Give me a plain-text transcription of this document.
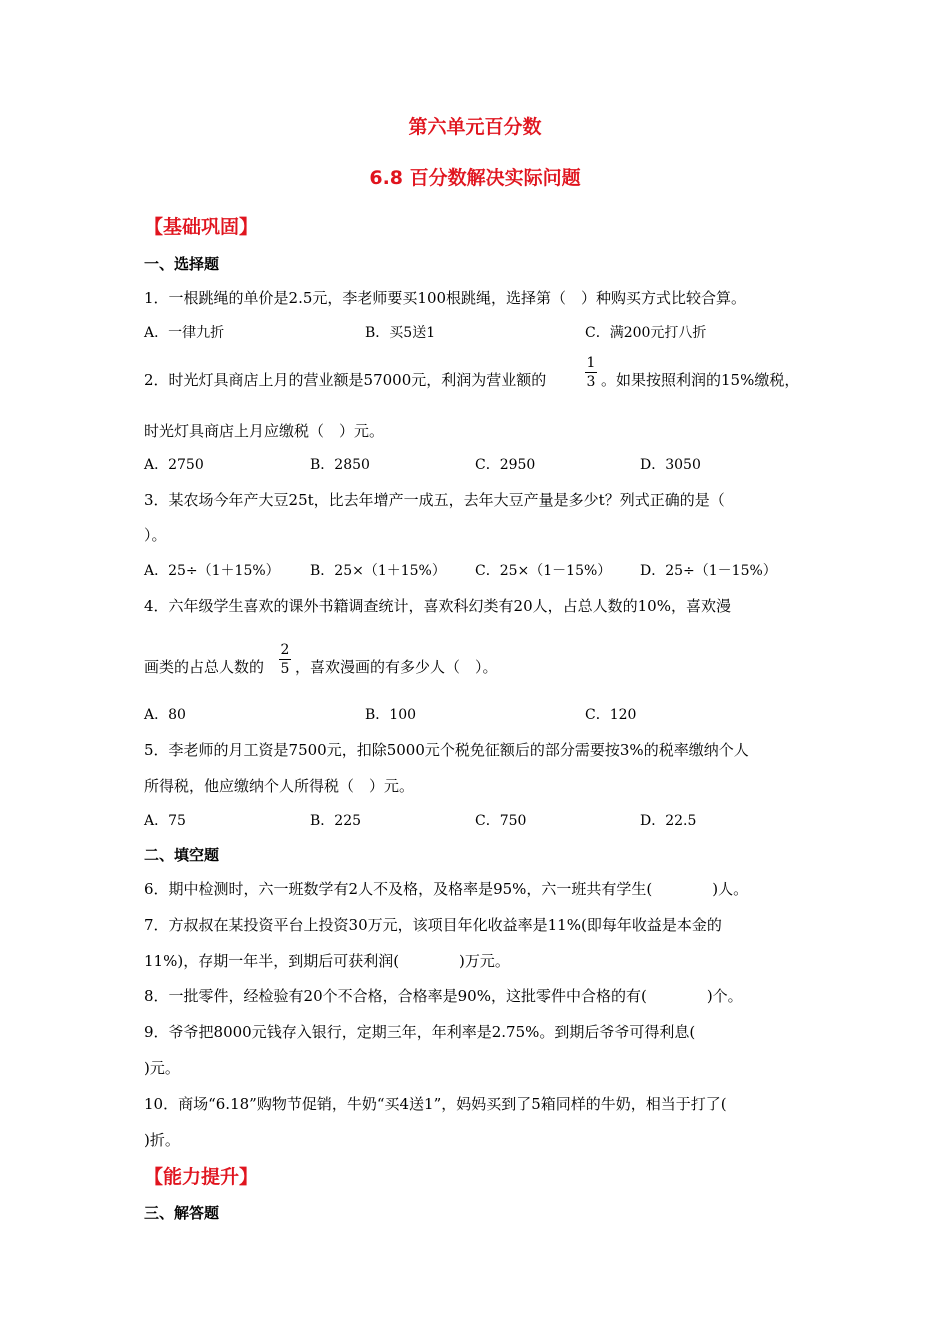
第六单元百分数
6.8 百分数解决实际问题
【基础巩固】
一、选择题
1．一根跳绳的单价是2.5元，李老师要买100根跳绳，选择第（　）种购买方式比较合算。
A．一律九折	B．买5送1	C．满200元打八折
2．时光灯具商店上月的营业额是57000元，利润为营业额的
1
3 。如果按照利润的15%缴税，
时光灯具商店上月应缴税（　）元。
A．2750	B．2850	C．2950	D．3050
3．某农场今年产大豆25t，比去年增产一成五，去年大豆产量是多少t？列式正确的是（
）。
A．25÷（1＋15%） B．25×（1＋15%） C．25×（1－15%） D．25÷（1－15%）
4．六年级学生喜欢的课外书籍调查统计，喜欢科幻类有20人，占总人数的10%，喜欢漫
画类的占总人数的
2
5 ，喜欢漫画的有多少人（　）。
A．80	B．100	C．120
5．李老师的月工资是7500元，扣除5000元个税免征额后的部分需要按3%的税率缴纳个人
所得税，他应缴纳个人所得税（　）元。
A．75	B．225	C．750	D．22.5
二、填空题
6．期中检测时，六一班数学有2人不及格，及格率是95%，六一班共有学生(　　　　)人。
7．方叔叔在某投资平台上投资30万元，该项目年化收益率是11%(即每年收益是本金的
11%)，存期一年半，到期后可获利润(　　　　)万元。
8．一批零件，经检验有20个不合格，合格率是90%，这批零件中合格的有(　　　　)个。
9．爷爷把8000元钱存入银行，定期三年，年利率是2.75%。到期后爷爷可得利息(
)元。
10．商场“6.18”购物节促销，牛奶“买4送1”，妈妈买到了5箱同样的牛奶，相当于打了(
)折。
【能力提升】
三、解答题
